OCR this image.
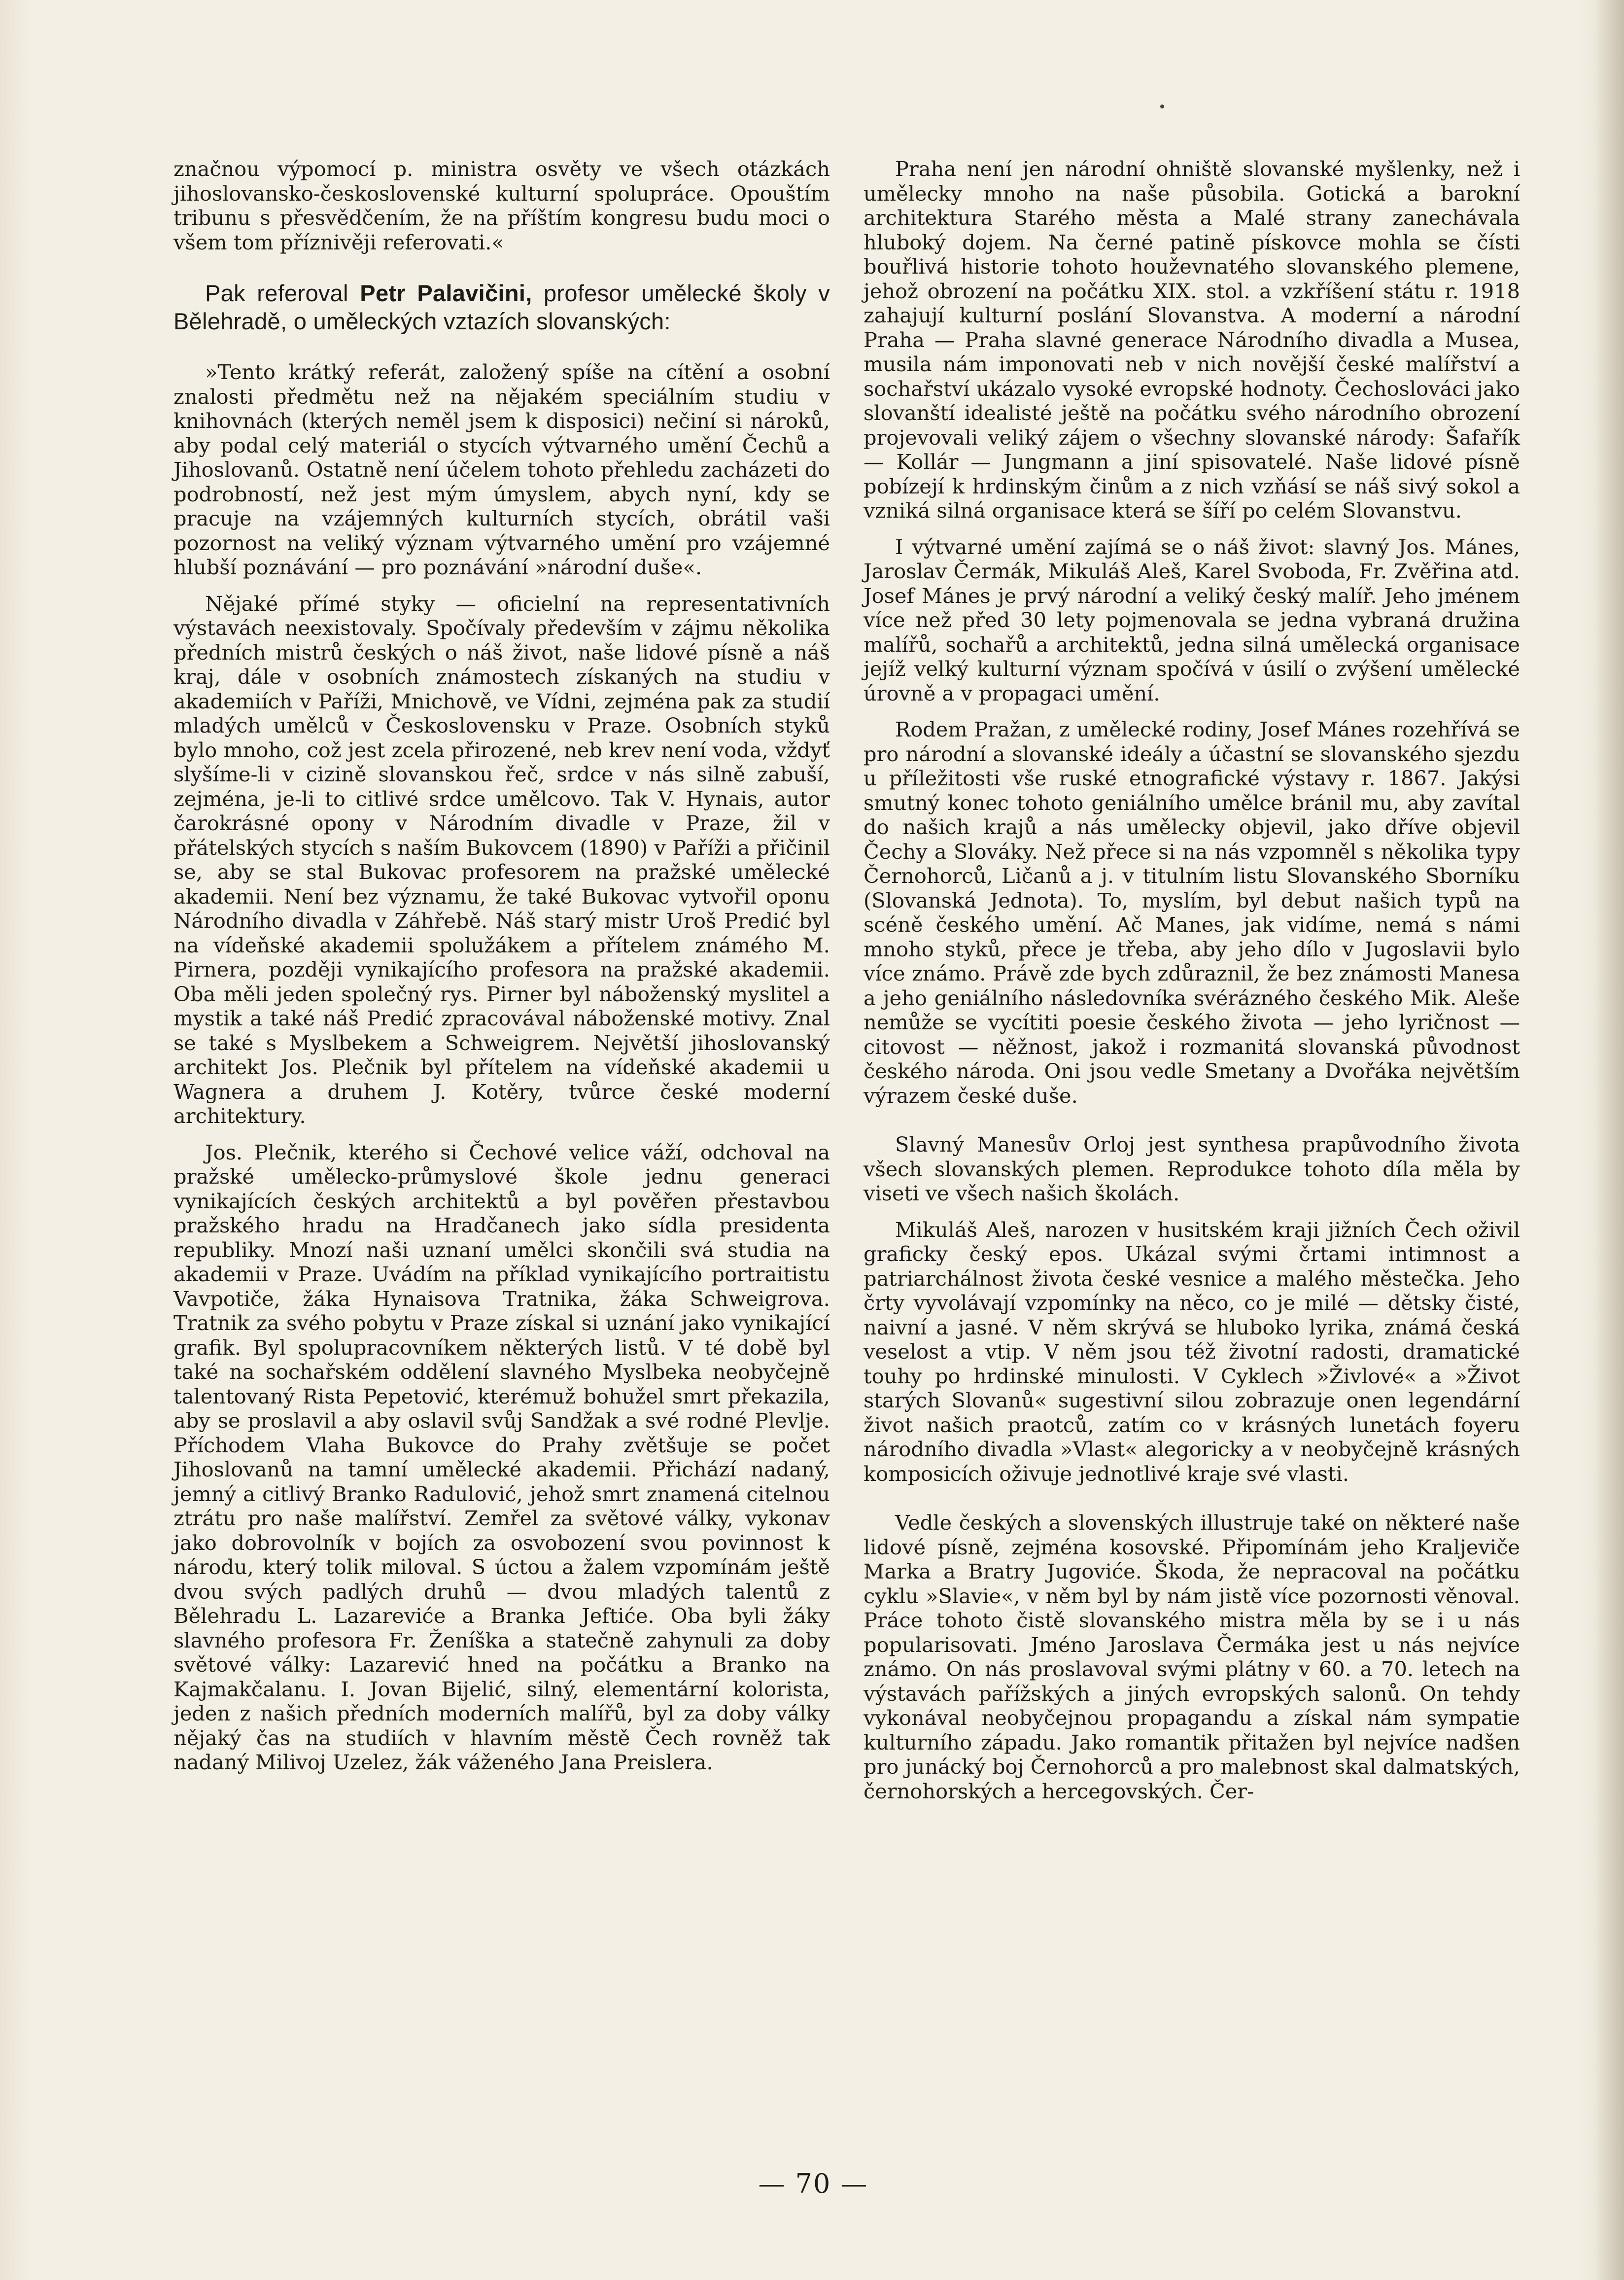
značnou výpomocí p. ministra osvěty ve všech otázkách jihoslovansko-československé kulturní spolupráce. Opouštím tribunu s přesvědčením, že na příštím kongresu budu moci o všem tom příznivěji referovati.«

Pak referoval Petr Palavičini, profesor umělecké školy v Bělehradě, o uměleckých vztazích slovanských:

»Tento krátký referát, založený spíše na cítění a osobní znalosti předmětu než na nějakém speciálním studiu v knihovnách (kterých neměl jsem k disposici) nečiní si nároků, aby podal celý materiál o stycích výtvarného umění Čechů a Jihoslovanů. Ostatně není účelem tohoto přehledu zacházeti do podrobností, než jest mým úmyslem, abych nyní, kdy se pracuje na vzájemných kulturních stycích, obrátil vaši pozornost na veliký význam výtvarného umění pro vzájemné hlubší poznávání — pro poznávání »národní duše«.

Nějaké přímé styky — oficielní na representativních výstavách neexistovaly. Spočívaly především v zájmu několika předních mistrů českých o náš život, naše lidové písně a náš kraj, dále v osobních známostech získaných na studiu v akademiích v Paříži, Mnichově, ve Vídni, zejména pak za studií mladých umělců v Československu v Praze. Osobních styků bylo mnoho, což jest zcela přirozené, neb krev není voda, vždyť slyšíme-li v cizině slovanskou řeč, srdce v nás silně zabuší, zejména, je-li to citlivé srdce umělcovo. Tak V. Hynais, autor čarokrásné opony v Národním divadle v Praze, žil v přátelských stycích s naším Bukovcem (1890) v Paříži a přičinil se, aby se stal Bukovac profesorem na pražské umělecké akademii. Není bez významu, že také Bukovac vytvořil oponu Národního divadla v Záhřebě. Náš starý mistr Uroš Predić byl na vídeňské akademii spolužákem a přítelem známého M. Pirnera, později vynikajícího profesora na pražské akademii. Oba měli jeden společný rys. Pirner byl náboženský myslitel a mystik a také náš Predić zpracovával náboženské motivy. Znal se také s Myslbekem a Schweigrem. Největší jihoslovanský architekt Jos. Plečnik byl přítelem na vídeňské akademii u Wagnera a druhem J. Kotěry, tvůrce české moderní architektury.

Jos. Plečnik, kterého si Čechové velice váží, odchoval na pražské umělecko-průmyslové škole jednu generaci vynikajících českých architektů a byl pověřen přestavbou pražského hradu na Hradčanech jako sídla presidenta republiky. Mnozí naši uznaní umělci skončili svá studia na akademii v Praze. Uvádím na příklad vynikajícího portraitistu Vavpotiče, žáka Hynaisova Tratnika, žáka Schweigrova. Tratnik za svého pobytu v Praze získal si uznání jako vynikající grafik. Byl spolupracovníkem některých listů. V té době byl také na sochařském oddělení slavného Myslbeka neobyčejně talentovaný Rista Pepetović, kterémuž bohužel smrt překazila, aby se proslavil a aby oslavil svůj Sandžak a své rodné Plevlje. Příchodem Vlaha Bukovce do Prahy zvětšuje se počet Jihoslovanů na tamní umělecké akademii. Přichází nadaný, jemný a citlivý Branko Radulović, jehož smrt znamená citelnou ztrátu pro naše malířství. Zemřel za světové války, vykonav jako dobrovolník v bojích za osvobození svou povinnost k národu, který tolik miloval. S úctou a žalem vzpomínám ještě dvou svých padlých druhů — dvou mladých talentů z Bělehradu L. Lazareviće a Branka Jeftiće. Oba byli žáky slavného profesora Fr. Ženíška a statečně zahynuli za doby světové války: Lazarević hned na počátku a Branko na Kajmakčalanu. I. Jovan Bijelić, silný, elementární kolorista, jeden z našich předních moderních malířů, byl za doby války nějaký čas na studiích v hlavním městě Čech rovněž tak nadaný Milivoj Uzelez, žák váženého Jana Preislera.

Praha není jen národní ohniště slovanské myšlenky, než i umělecky mnoho na naše působila. Gotická a barokní architektura Starého města a Malé strany zanechávala hluboký dojem. Na černé patině pískovce mohla se čísti bouřlivá historie tohoto houževnatého slovanského plemene, jehož obrození na počátku XIX. stol. a vzkříšení státu r. 1918 zahajují kulturní poslání Slovanstva. A moderní a národní Praha — Praha slavné generace Národního divadla a Musea, musila nám imponovati neb v nich novější české malířství a sochařství ukázalo vysoké evropské hodnoty. Čechoslováci jako slovanští idealisté ještě na počátku svého národního obrození projevovali veliký zájem o všechny slovanské národy: Šafařík — Kollár — Jungmann a jiní spisovatelé. Naše lidové písně pobízejí k hrdinským činům a z nich vzňásí se náš sivý sokol a vzniká silná organisace která se šíří po celém Slovanstvu.

I výtvarné umění zajímá se o náš život: slavný Jos. Mánes, Jaroslav Čermák, Mikuláš Aleš, Karel Svoboda, Fr. Zvěřina atd. Josef Mánes je prvý národní a veliký český malíř. Jeho jménem více než před 30 lety pojmenovala se jedna vybraná družina malířů, sochařů a architektů, jedna silná umělecká organisace jejíž velký kulturní význam spočívá v úsilí o zvýšení umělecké úrovně a v propagaci umění.

Rodem Pražan, z umělecké rodiny, Josef Mánes rozehřívá se pro národní a slovanské ideály a účastní se slovanského sjezdu u příležitosti vše ruské etnografické výstavy r. 1867. Jakýsi smutný konec tohoto geniálního umělce bránil mu, aby zavítal do našich krajů a nás umělecky objevil, jako dříve objevil Čechy a Slováky. Než přece si na nás vzpomněl s několika typy Černohorců, Ličanů a j. v titulním listu Slovanského Sborníku (Slovanská Jednota). To, myslím, byl debut našich typů na scéně českého umění. Ač Manes, jak vidíme, nemá s námi mnoho styků, přece je třeba, aby jeho dílo v Jugoslavii bylo více známo. Právě zde bych zdůraznil, že bez známosti Manesa a jeho geniálního následovníka svérázného českého Mik. Aleše nemůže se vycítiti poesie českého života — jeho lyričnost — citovost — něžnost, jakož i rozmanitá slovanská původnost českého národa. Oni jsou vedle Smetany a Dvořáka největším výrazem české duše.

Slavný Manesův Orloj jest synthesa prapůvodního života všech slovanských plemen. Reprodukce tohoto díla měla by viseti ve všech našich školách.

Mikuláš Aleš, narozen v husitském kraji jižních Čech oživil graficky český epos. Ukázal svými črtami intimnost a patriarchálnost života české vesnice a malého městečka. Jeho črty vyvolávají vzpomínky na něco, co je milé — dětsky čisté, naivní a jasné. V něm skrývá se hluboko lyrika, známá česká veselost a vtip. V něm jsou též životní radosti, dramatické touhy po hrdinské minulosti. V Cyklech »Živlové« a »Život starých Slovanů« sugestivní silou zobrazuje onen legendární život našich praotců, zatím co v krásných lunetách foyeru národního divadla »Vlast« alegoricky a v neobyčejně krásných komposicích oživuje jednotlivé kraje své vlasti.

Vedle českých a slovenských illustruje také on některé naše lidové písně, zejména kosovské. Připomínám jeho Kraljeviče Marka a Bratry Jugoviće. Škoda, že nepracoval na počátku cyklu »Slavie«, v něm byl by nám jistě více pozornosti věnoval. Práce tohoto čistě slovanského mistra měla by se i u nás popularisovati. Jméno Jaroslava Čermáka jest u nás nejvíce známo. On nás proslavoval svými plátny v 60. a 70. letech na výstavách pařížských a jiných evropských salonů. On tehdy vykonával neobyčejnou propagandu a získal nám sympatie kulturního západu. Jako romantik přitažen byl nejvíce nadšen pro junácký boj Černohorců a pro malebnost skal dalmatských, černohorských a hercegovských. Čer-

— 70 —
